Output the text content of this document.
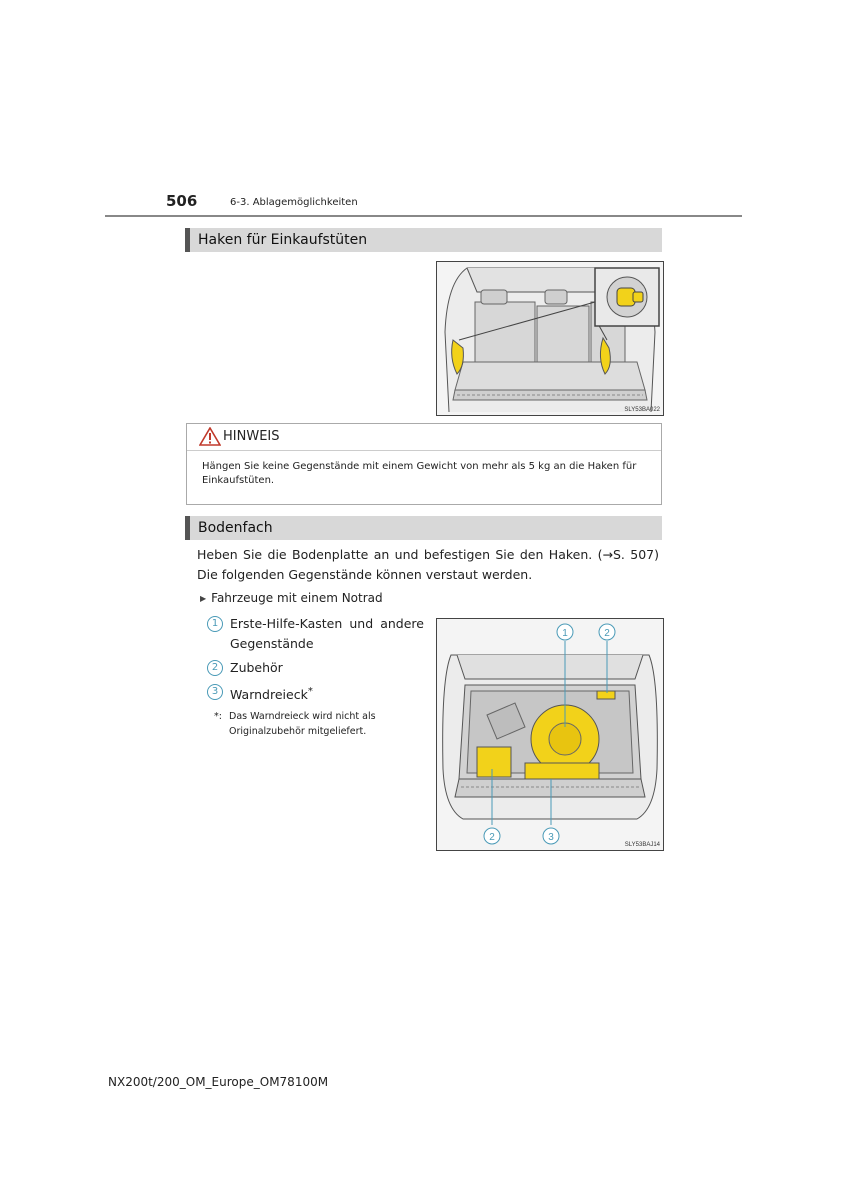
506	6-3. Ablagemöglichkeiten
Haken für Einkaufstüten
SLY53BA022
HINWEIS
Hängen Sie keine Gegenstände mit einem Gewicht von mehr als 5 kg an die Haken für Einkaufstüten.
Bodenfach
Heben Sie die Bodenplatte an und befestigen Sie den Haken. (→S. 507) Die folgenden Gegenstände können verstaut werden.
▶ Fahrzeuge mit einem Notrad
1 Erste-Hilfe-Kasten und andere Gegenstände
2 Zubehör
3 Warndreieck*
*: Das Warndreieck wird nicht als Originalzubehör mitgeliefert.
1	2
2	3
SLY53BAJ14
NX200t/200_OM_Europe_OM78100M
